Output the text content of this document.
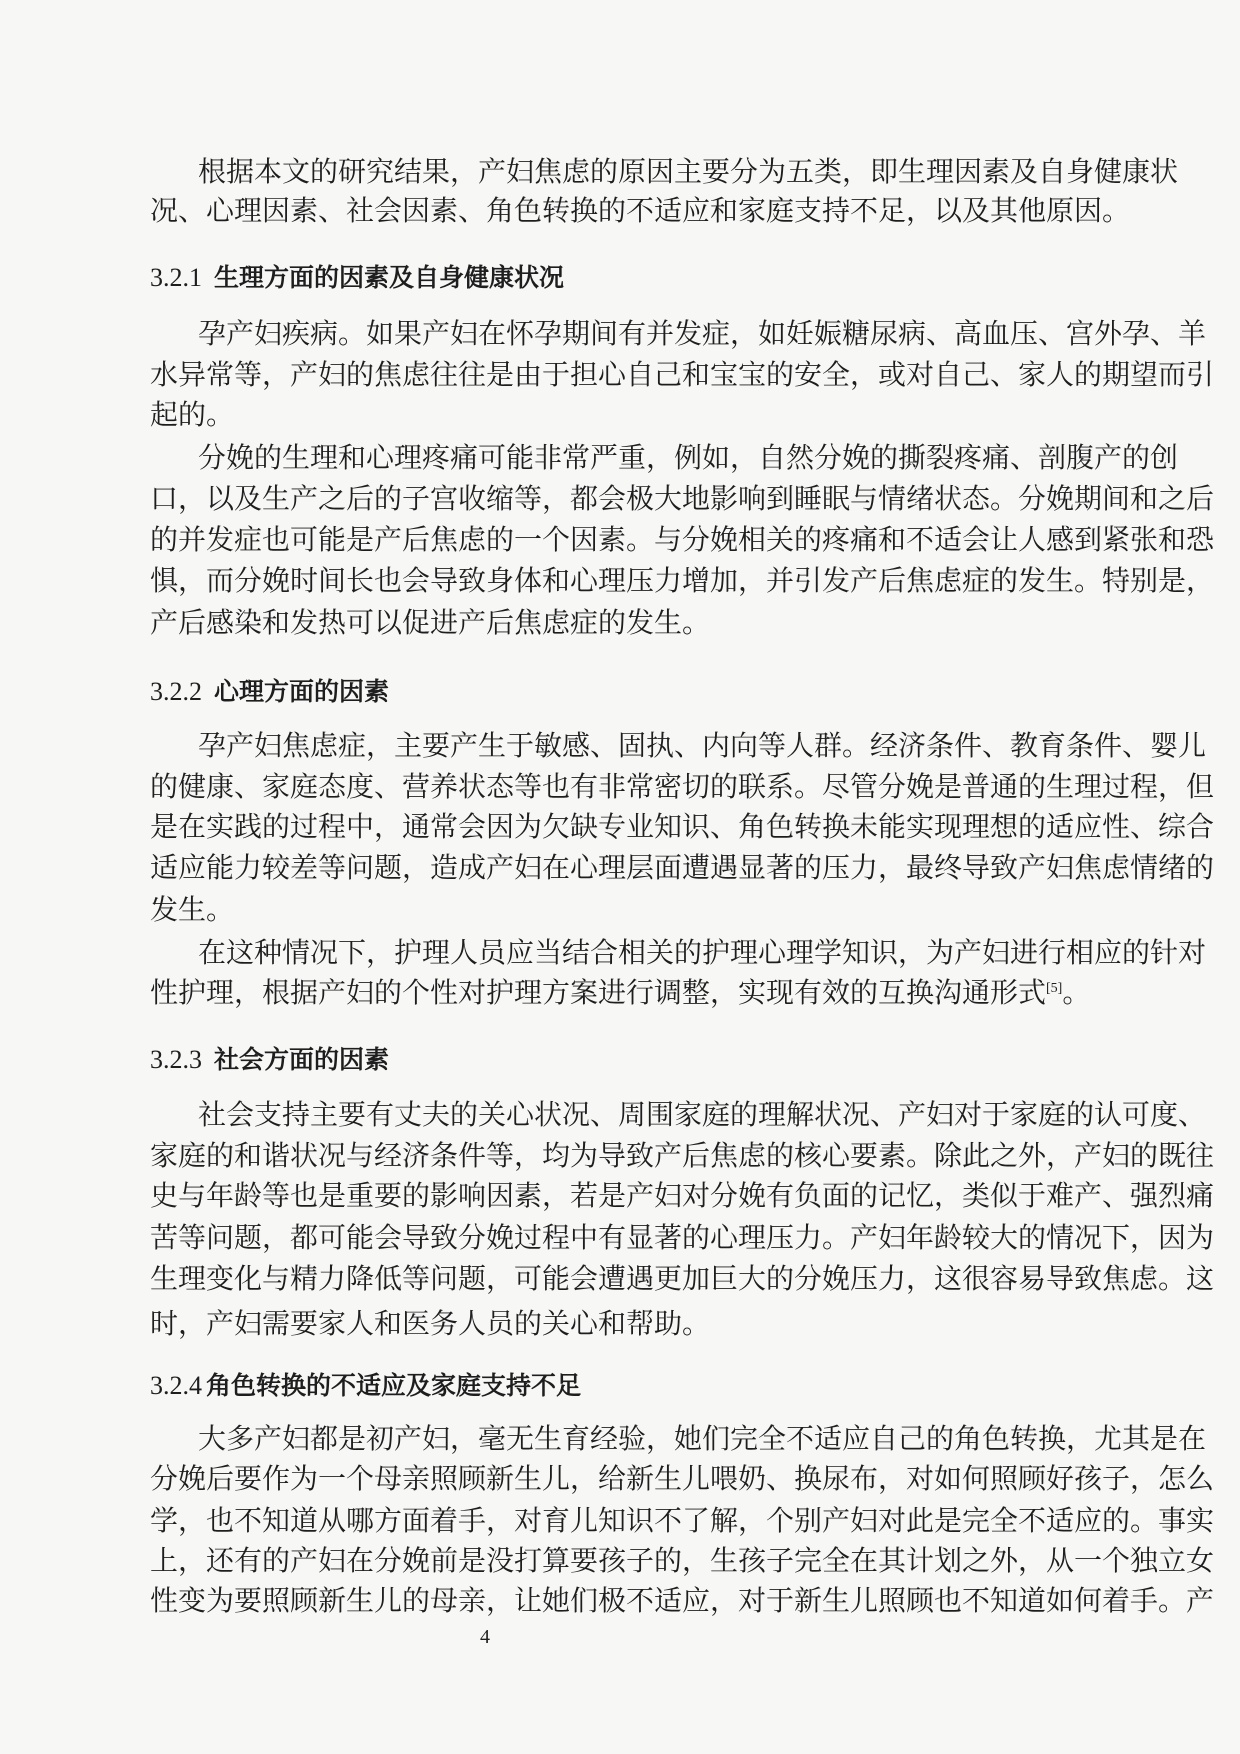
根据本文的研究结果，产妇焦虑的原因主要分为五类，即生理因素及自身健康状
况、心理因素、社会因素、角色转换的不适应和家庭支持不足，以及其他原因。
3.2.1 生理方面的因素及自身健康状况
孕产妇疾病。如果产妇在怀孕期间有并发症，如妊娠糖尿病、高血压、宫外孕、羊
水异常等，产妇的焦虑往往是由于担心自己和宝宝的安全，或对自己、家人的期望而引
起的。
分娩的生理和心理疼痛可能非常严重，例如，自然分娩的撕裂疼痛、剖腹产的创
口，以及生产之后的子宫收缩等，都会极大地影响到睡眠与情绪状态。分娩期间和之后
的并发症也可能是产后焦虑的一个因素。与分娩相关的疼痛和不适会让人感到紧张和恐
惧，而分娩时间长也会导致身体和心理压力增加，并引发产后焦虑症的发生。特别是，
产后感染和发热可以促进产后焦虑症的发生。
3.2.2 心理方面的因素
孕产妇焦虑症，主要产生于敏感、固执、内向等人群。经济条件、教育条件、婴儿
的健康、家庭态度、营养状态等也有非常密切的联系。尽管分娩是普通的生理过程，但
是在实践的过程中，通常会因为欠缺专业知识、角色转换未能实现理想的适应性、综合
适应能力较差等问题，造成产妇在心理层面遭遇显著的压力，最终导致产妇焦虑情绪的
发生。
在这种情况下，护理人员应当结合相关的护理心理学知识，为产妇进行相应的针对
性护理，根据产妇的个性对护理方案进行调整，实现有效的互换沟通形式[5]。
3.2.3 社会方面的因素
社会支持主要有丈夫的关心状况、周围家庭的理解状况、产妇对于家庭的认可度、
家庭的和谐状况与经济条件等，均为导致产后焦虑的核心要素。除此之外，产妇的既往
史与年龄等也是重要的影响因素，若是产妇对分娩有负面的记忆，类似于难产、强烈痛
苦等问题，都可能会导致分娩过程中有显著的心理压力。产妇年龄较大的情况下，因为
生理变化与精力降低等问题，可能会遭遇更加巨大的分娩压力，这很容易导致焦虑。这
时，产妇需要家人和医务人员的关心和帮助。
3.2.4 角色转换的不适应及家庭支持不足
大多产妇都是初产妇，毫无生育经验，她们完全不适应自己的角色转换，尤其是在
分娩后要作为一个母亲照顾新生儿，给新生儿喂奶、换尿布，对如何照顾好孩子，怎么
学，也不知道从哪方面着手，对育儿知识不了解，个别产妇对此是完全不适应的。事实
上，还有的产妇在分娩前是没打算要孩子的，生孩子完全在其计划之外，从一个独立女
性变为要照顾新生儿的母亲，让她们极不适应，对于新生儿照顾也不知道如何着手。产
4
